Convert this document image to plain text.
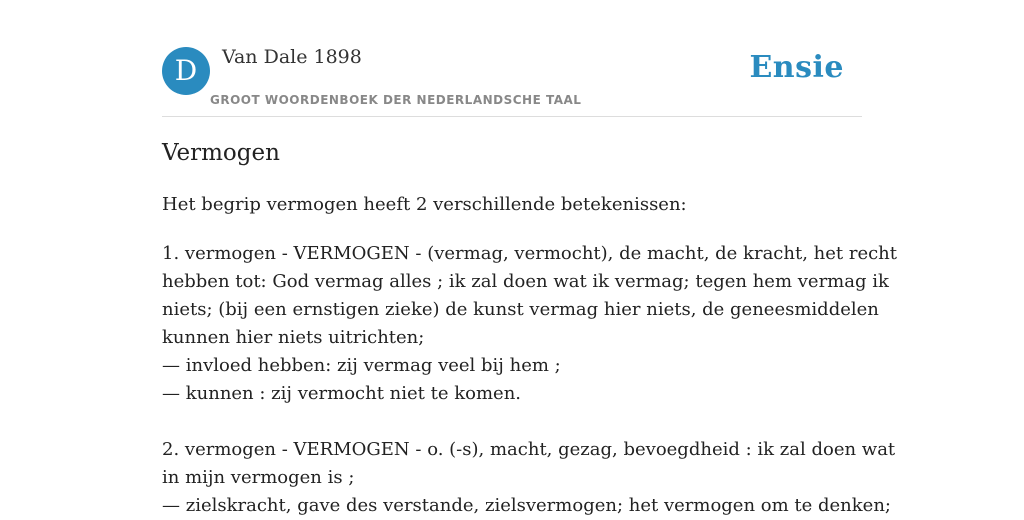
D	Van Dale 1898
GROOT WOORDENBOEK DER NEDERLANDSCHE TAAL
Ensie
Vermogen

Het begrip vermogen heeft 2 verschillende betekenissen:

1. vermogen - VERMOGEN - (vermag, vermocht), de macht, de kracht, het recht
hebben tot: God vermag alles ; ik zal doen wat ik vermag; tegen hem vermag ik
niets; (bij een ernstigen zieke) de kunst vermag hier niets, de geneesmiddelen
kunnen hier niets uitrichten;
— invloed hebben: zij vermag veel bij hem ;
— kunnen : zij vermocht niet te komen.

2. vermogen - VERMOGEN - o. (-s), macht, gezag, bevoegdheid : ik zal doen wat
in mijn vermogen is ;
— zielskracht, gave des verstande, zielsvermogen; het vermogen om te denken;
